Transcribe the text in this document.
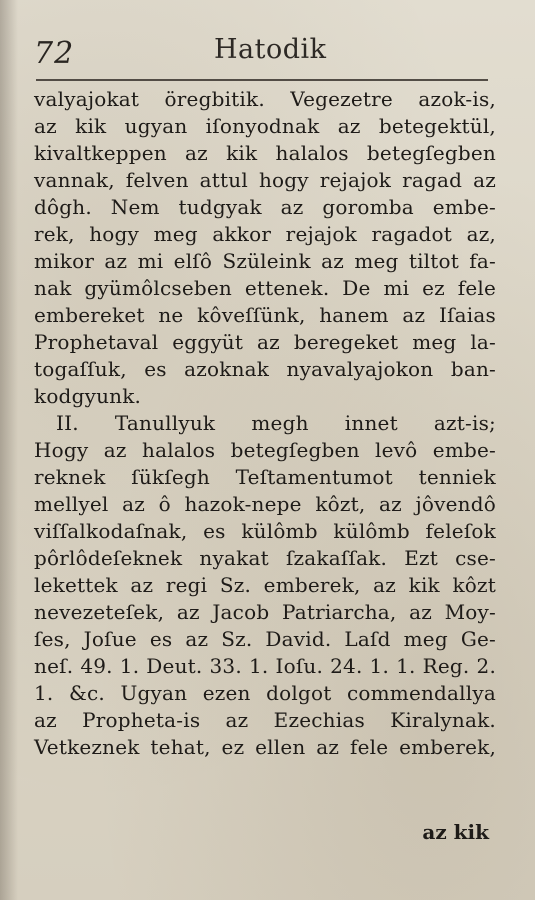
72	Hatodik
valyajokat öregbitik. Vegezetre azok-is,
az kik ugyan iſonyodnak az betegektül,
kivaltkeppen az kik halalos betegſegben
vannak, felven attul hogy rejajok ragad az
dôgh. Nem tudgyak az goromba embe-
rek, hogy meg akkor rejajok ragadot az,
mikor az mi elſô Szüleink az meg tiltot fa-
nak gyümôlcseben ettenek. De mi ez fele
embereket ne kôveſſünk, hanem az Iſaias
Prophetaval eggyüt az beregeket meg la-
togaſſuk, es azoknak nyavalyajokon ban-
kodgyunk.
II. Tanullyuk megh innet azt-is;
Hogy az halalos betegſegben levô embe-
reknek ſükſegh Teſtamentumot tenniek
mellyel az ô hazok-nepe kôzt, az jôvendô
viſſalkodaſnak, es külômb külômb feleſok
pôrlôdeſeknek nyakat ſzakaſſak. Ezt cse-
lekettek az regi Sz. emberek, az kik kôzt
nevezeteſek, az Jacob Patriarcha, az Moy-
ſes, Joſue es az Sz. David. Laſd meg Ge-
neſ. 49. 1. Deut. 33. 1. Ioſu. 24. 1. 1. Reg. 2.
1. &c. Ugyan ezen dolgot commendallya
az Propheta-is az Ezechias Kiralynak.
Vetkeznek tehat, ez ellen az fele emberek,
az kik
